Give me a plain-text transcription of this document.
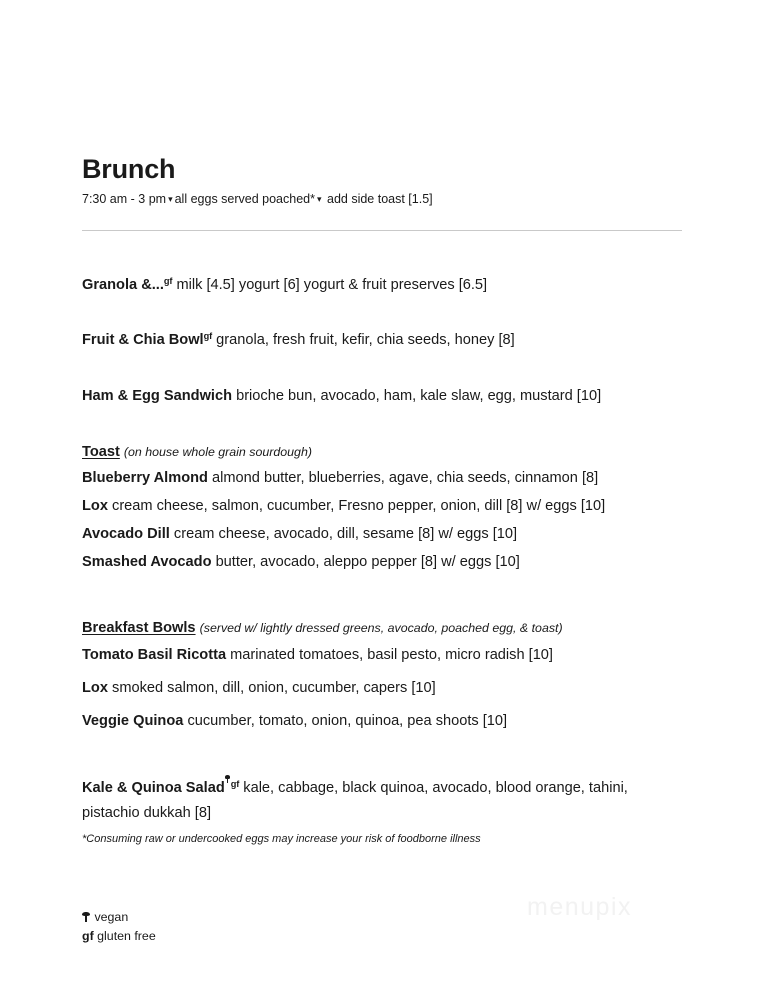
Brunch

7:30 am - 3 pm ▾ all eggs served poached* ▾ add side toast [1.5]

Granola &...$^{gf}$ milk [4.5] yogurt [6] yogurt & fruit preserves [6.5]

Fruit & Chia Bowl$^{gf}$ granola, fresh fruit, kefir, chia seeds, honey [8]

Ham & Egg Sandwich brioche bun, avocado, ham, kale slaw, egg, mustard [10]

Toast (on house whole grain sourdough)

Blueberry Almond almond butter, blueberries, agave, chia seeds, cinnamon [8]

Lox cream cheese, salmon, cucumber, Fresno pepper, onion, dill [8] w/ eggs [10]

Avocado Dill cream cheese, avocado, dill, sesame [8] w/ eggs [10]

Smashed Avocado butter, avocado, aleppo pepper [8] w/ eggs [10]

Breakfast Bowls (served w/ lightly dressed greens, avocado, poached egg, & toast)

Tomato Basil Ricotta marinated tomatoes, basil pesto, micro radish [10]

Lox smoked salmon, dill, onion, cucumber, capers [10]

Veggie Quinoa cucumber, tomato, onion, quinoa, pea shoots [10]

Kale & Quinoa Salad $^{gf}$ kale, cabbage, black quinoa, avocado, blood orange, tahini, pistachio dukkah [8]

*Consuming raw or undercooked eggs may increase your risk of foodborne illness

vegan
gf gluten free

menupix
